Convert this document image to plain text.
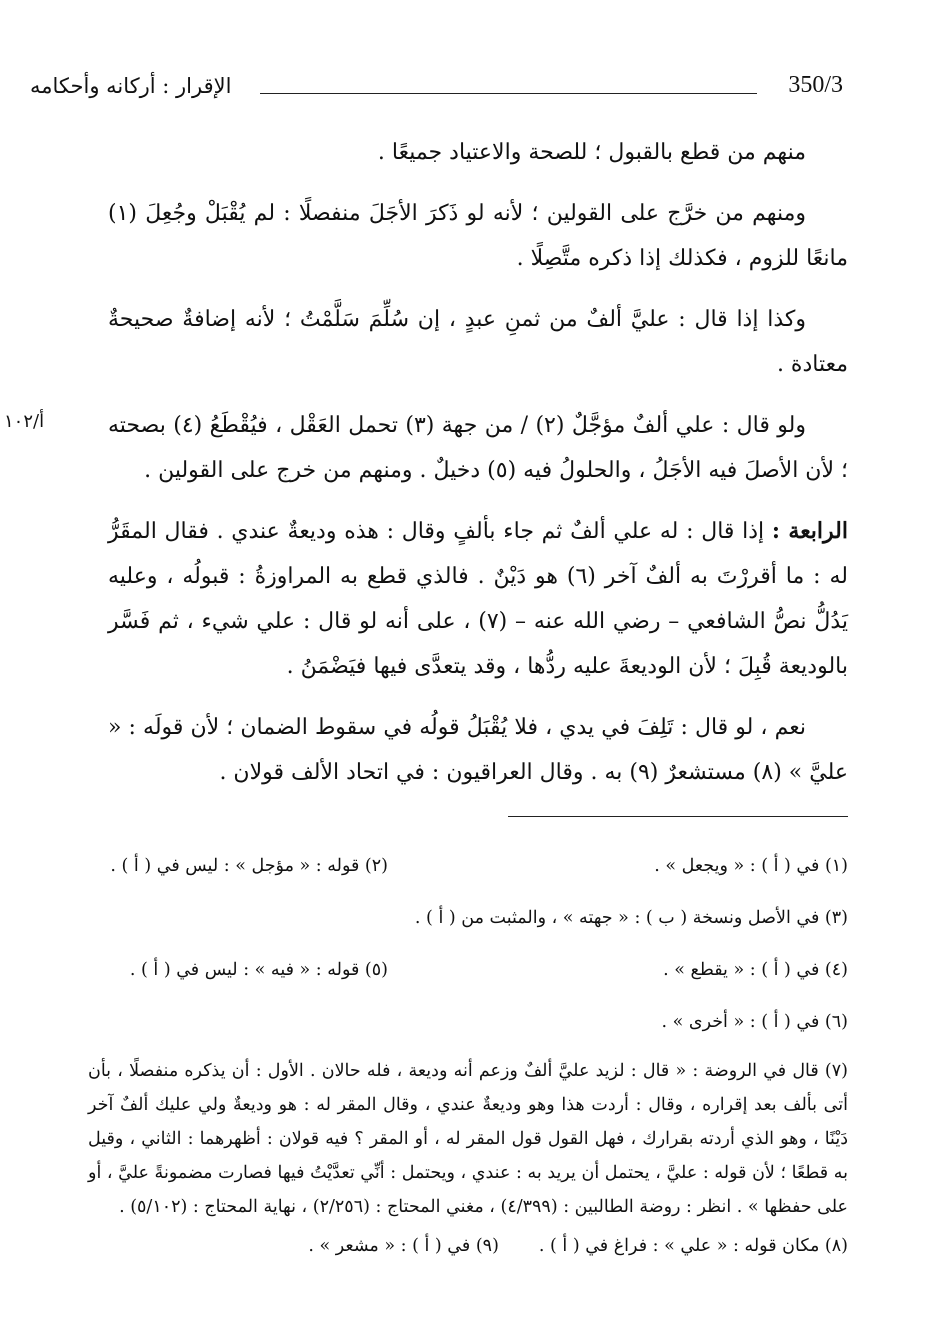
350/3
الإقرار : أركانه وأحكامه
أ/١٠٢

منهم من قطع بالقبول ؛ للصحة والاعتياد جميعًا .

ومنهم من خرَّج على القولين ؛ لأنه لو ذَكرَ الأجَلَ منفصلًا : لم يُقْبَلْ وجُعِلَ (١) مانعًا للزوم ، فكذلك إذا ذكره متَّصِلًا .

وكذا إذا قال : عليَّ ألفٌ من ثمنِ عبدٍ ، إن سُلِّمَ سَلَّمْتُ ؛ لأنه إضافةٌ صحيحةٌ معتادة .

ولو قال : علي ألفٌ مؤجَّلٌ (٢) / من جهة (٣) تحمل العَقْل ، فيُقْطَعُ (٤) بصحته ؛ لأن الأصلَ فيه الأجَلُ ، والحلولُ فيه (٥) دخيلٌ . ومنهم من خرج على القولين .

الرابعة : إذا قال : له علي ألفٌ ثم جاء بألفٍ وقال : هذه وديعةٌ عندي . فقال المقَرُّ له : ما أقررْتَ به ألفٌ آخر (٦) هو دَيْنٌ . فالذي قطع به المراوزةُ : قبولُه ، وعليه يَدُلُّ نصُّ الشافعي – رضي الله عنه – (٧) ، على أنه لو قال : علي شيء ، ثم فَسَّر بالوديعة قُبِلَ ؛ لأن الوديعةَ عليه ردُّها ، وقد يتعدَّى فيها فيَضْمَنُ .

نعم ، لو قال : تَلِفَ في يدي ، فلا يُقْبَلُ قولُه في سقوط الضمان ؛ لأن قولَه : « عليَّ » (٨) مستشعرٌ (٩) به . وقال العراقيون : في اتحاد الألف قولان .

(١) في ( أ ) : « ويجعل » .
(٢) قوله : « مؤجل » : ليس في ( أ ) .
(٣) في الأصل ونسخة ( ب ) : « جهته » ، والمثبت من ( أ ) .
(٤) في ( أ ) : « يقطع » .
(٥) قوله : « فيه » : ليس في ( أ ) .
(٦) في ( أ ) : « أخرى » .

(٧) قال في الروضة : « قال : لزيد عليَّ ألفٌ وزعم أنه وديعة ، فله حالان . الأول : أن يذكره منفصلًا ، بأن أتى بألف بعد إقراره ، وقال : أردت هذا وهو وديعةٌ عندي ، وقال المقر له : هو وديعةٌ ولي عليك ألفٌ آخر دَيْنًا ، وهو الذي أردته بقرارك ، فهل القول قول المقر له ، أو المقر ؟ فيه قولان : أظهرهما : الثاني ، وقيل به قطعًا ؛ لأن قوله : عليَّ ، يحتمل أن يريد به : عندي ، ويحتمل : أنِّي تعدَّيْتُ فيها فصارت مضمونةً عليَّ ، أو على حفظها » . انظر : روضة الطالبين : (٤/٣٩٩) ، مغني المحتاج : (٢/٢٥٦) ، نهاية المحتاج : (٥/١٠٢) .

(٨) مكان قوله : « علي » : فراغ في ( أ ) .
(٩) في ( أ ) : « مشعر » .
